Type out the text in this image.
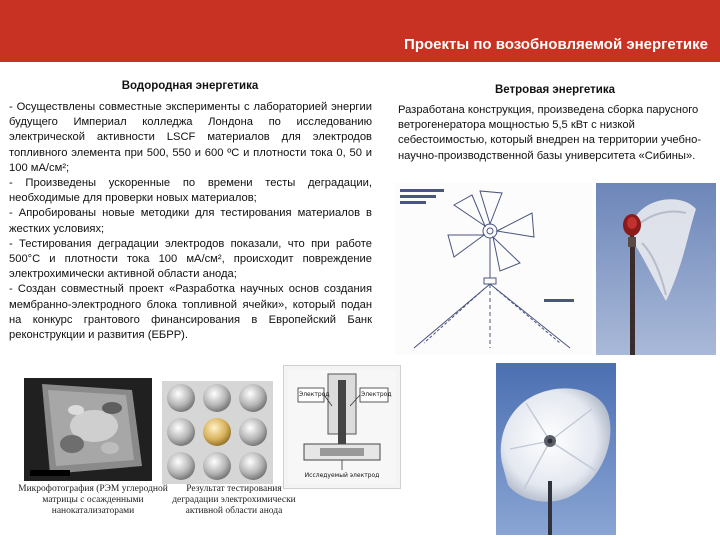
Проекты по возобновляемой энергетике
Водородная энергетика	Ветровая энергетика

- Осуществлены совместные эксперименты с лабораторией энергии будущего Империал колледжа Лондона по исследованию электрической активности LSCF материалов для электродов топливного элемента при 500, 550 и 600 ºС и плотности тока 0, 50 и 100 мА/см²;

- Произведены ускоренные по времени тесты деградации, необходимые для проверки новых материалов;

- Апробированы новые методики для тестирования материалов в жестких условиях;

- Тестирования деградации электродов показали, что при работе 500°С и плотности тока 100 мА/см², происходит повреждение электрохимически активной области анода;

- Создан совместный проект «Разработка научных основ создания мембранно-электродного блока топливной ячейки», который подан на конкурс грантового финансирования в Европейский Банк реконструкции и развития (ЕБРР).

Разработана конструкция, произведена сборка парусного ветрогенератора мощностью 5,5 кВт с низкой себестоимостью, который внедрен на территории учебно-научно-производственной базы университета «Сибины».
Электрод	Электрод
Исследуемый электрод
Микрофотография (РЭМ углеродной матрицы с осажденными нанокатализаторами
Результат тестирования деградации электрохимически активной области анода
